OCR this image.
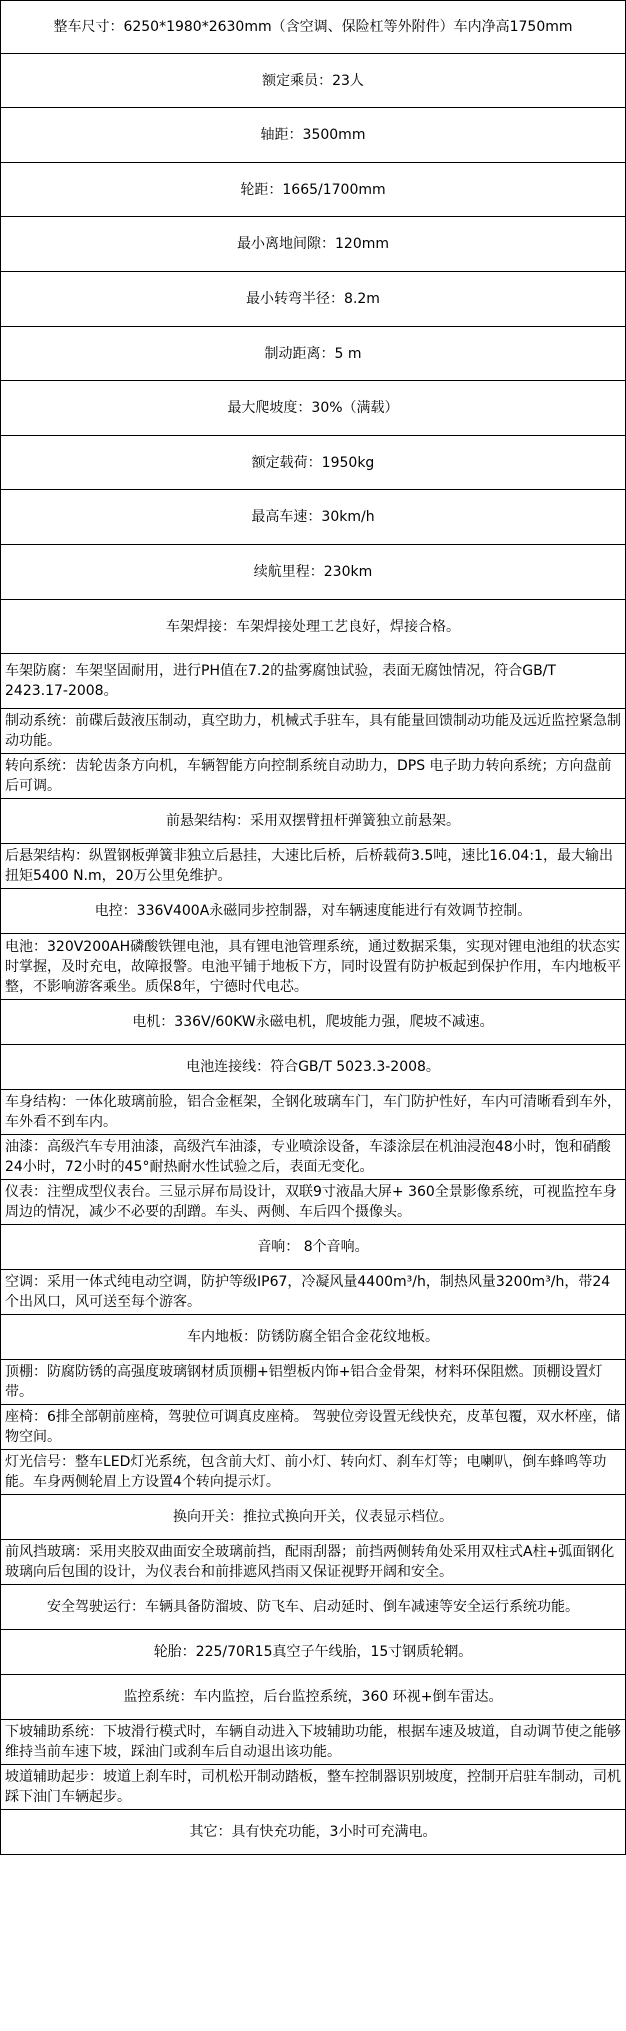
整车尺寸：6250*1980*2630mm（含空调、保险杠等外附件）车内净高1750mm
额定乘员：23人
轴距：3500mm
轮距：1665/1700mm
最小离地间隙：120mm
最小转弯半径：8.2m
制动距离：5 m
最大爬坡度：30%（满载）
额定载荷：1950kg
最高车速：30km/h
续航里程：230km
车架焊接：车架焊接处理工艺良好，焊接合格。
车架防腐：车架坚固耐用，进行PH值在7.2的盐雾腐蚀试验，表面无腐蚀情况，符合GB/T 2423.17-2008。
制动系统：前碟后鼓液压制动，真空助力，机械式手驻车，具有能量回馈制动功能及远近监控紧急制动功能。
转向系统：齿轮齿条方向机，车辆智能方向控制系统自动助力，DPS 电子助力转向系统；方向盘前后可调。
前悬架结构：采用双摆臂扭杆弹簧独立前悬架。
后悬架结构：纵置钢板弹簧非独立后悬挂，大速比后桥，后桥载荷3.5吨，速比16.04:1，最大输出扭矩5400 N.m，20万公里免维护。
电控：336V400A永磁同步控制器，对车辆速度能进行有效调节控制。
电池：320V200AH磷酸铁锂电池，具有锂电池管理系统，通过数据采集，实现对锂电池组的状态实时掌握，及时充电，故障报警。电池平铺于地板下方，同时设置有防护板起到保护作用，车内地板平整，不影响游客乘坐。质保8年，宁德时代电芯。
电机：336V/60KW永磁电机，爬坡能力强，爬坡不减速。
电池连接线：符合GB/T 5023.3-2008。
车身结构：一体化玻璃前脸，铝合金框架，全钢化玻璃车门，车门防护性好，车内可清晰看到车外，车外看不到车内。
油漆：高级汽车专用油漆，高级汽车油漆，专业喷涂设备，车漆涂层在机油浸泡48小时，饱和硝酸24小时，72小时的45°耐热耐水性试验之后，表面无变化。
仪表：注塑成型仪表台。三显示屏布局设计，双联9寸液晶大屏+ 360全景影像系统，可视监控车身周边的情况，减少不必要的刮蹭。车头、两侧、车后四个摄像头。
音响： 8个音响。
空调：采用一体式纯电动空调，防护等级IP67，冷凝风量4400m³/h，制热风量3200m³/h，带24个出风口，风可送至每个游客。
车内地板：防锈防腐全铝合金花纹地板。
顶棚：防腐防锈的高强度玻璃钢材质顶棚+铝塑板内饰+铝合金骨架，材料环保阻燃。顶棚设置灯带。
座椅：6排全部朝前座椅，驾驶位可调真皮座椅。 驾驶位旁设置无线快充，皮革包覆，双水杯座，储物空间。
灯光信号：整车LED灯光系统，包含前大灯、前小灯、转向灯、刹车灯等；电喇叭，倒车蜂鸣等功能。车身两侧轮眉上方设置4个转向提示灯。
换向开关：推拉式换向开关，仪表显示档位。
前风挡玻璃：采用夹胶双曲面安全玻璃前挡，配雨刮器；前挡两侧转角处采用双柱式A柱+弧面钢化玻璃向后包围的设计，为仪表台和前排遮风挡雨又保证视野开阔和安全。
安全驾驶运行：车辆具备防溜坡、防飞车、启动延时、倒车减速等安全运行系统功能。
轮胎：225/70R15真空子午线胎，15寸钢质轮辋。
监控系统：车内监控，后台监控系统，360 环视+倒车雷达。
下坡辅助系统：下坡滑行模式时，车辆自动进入下坡辅助功能，根据车速及坡道，自动调节使之能够维持当前车速下坡，踩油门或刹车后自动退出该功能。
坡道辅助起步：坡道上刹车时，司机松开制动踏板，整车控制器识别坡度，控制开启驻车制动，司机踩下油门车辆起步。
其它：具有快充功能，3小时可充满电。
